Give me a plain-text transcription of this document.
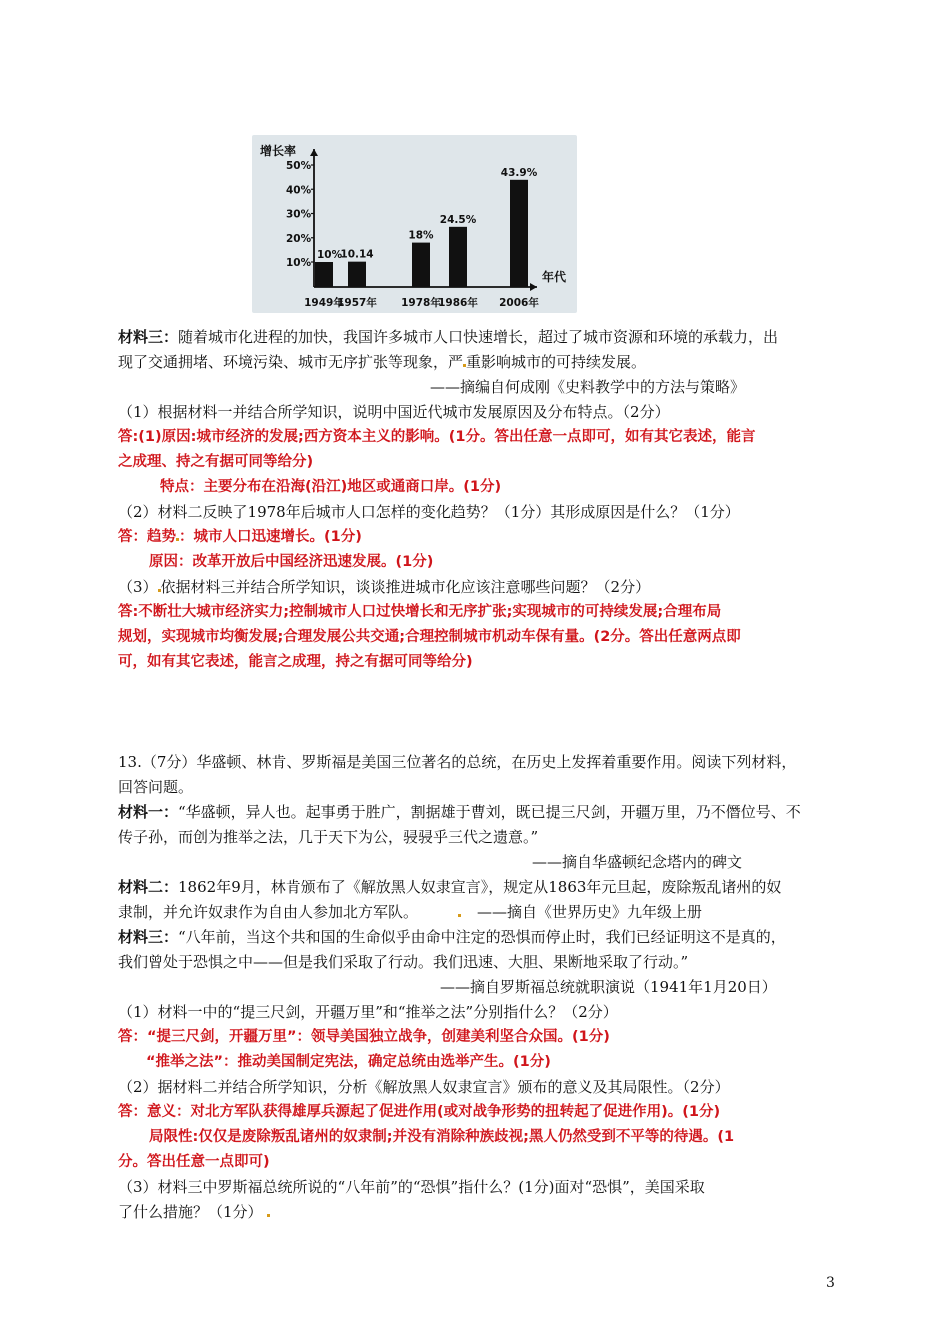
增长率
年代
10%
20%
30%
40%
50%
10%
1949年
10.14
1957年
18%
1978年
24.5%
1986年
43.9%
2006年
材料三：随着城市化进程的加快，我国许多城市人口快速增长，超过了城市资源和环境的承载力，出
现了交通拥堵、环境污染、城市无序扩张等现象，严 重影响城市的可持续发展。
——摘编自何成刚《史料教学中的方法与策略》
（1）根据材料一并结合所学知识，说明中国近代城市发展原因及分布特点。（2分）
答:(1)原因:城市经济的发展;西方资本主义的影响。(1分。答出任意一点即可，如有其它表述，能言
之成理、持之有据可同等给分)
特点：主要分布在沿海(沿江)地区或通商口岸。(1分)
（2）材料二反映了1978年后城市人口怎样的变化趋势？（1分）其形成原因是什么？（1分）
答：趋势 ：城市人口迅速增长。(1分)
原因：改革开放后中国经济迅速发展。(1分)
（3） 依据材料三并结合所学知识，谈谈推进城市化应该注意哪些问题？（2分）
答:不断壮大城市经济实力;控制城市人口过快增长和无序扩张;实现城市的可持续发展;合理布局
规划，实现城市均衡发展;合理发展公共交通;合理控制城市机动车保有量。(2分。答出任意两点即
可，如有其它表述，能言之成理，持之有据可同等给分)
13.（7分）华盛顿、林肯、罗斯福是美国三位著名的总统，在历史上发挥着重要作用。阅读下列材料，
回答问题。
材料一：“华盛顿，异人也。起事勇于胜广，割据雄于曹刘，既已提三尺剑，开疆万里，乃不僭位号、不
传子孙，而创为推举之法，几于天下为公，骎骎乎三代之遗意。”
——摘自华盛顿纪念塔内的碑文
材料二：1862年9月，林肯颁布了《解放黑人奴隶宣言》，规定从1863年元旦起，废除叛乱诸州的奴
隶制，并允许奴隶作为自由人参加北方军队。	——摘自《世界历史》九年级上册
材料三：“八年前，当这个共和国的生命似乎由命中注定的恐惧而停止时，我们已经证明这不是真的，
我们曾处于恐惧之中——但是我们采取了行动。我们迅速、大胆、果断地采取了行动。”
——摘自罗斯福总统就职演说（1941年1月20日）
（1）材料一中的“提三尺剑，开疆万里”和“推举之法”分别指什么？（2分）
答：“提三尺剑，开疆万里”：领导美国独立战争，创建美利坚合众国。(1分)
“推举之法”：推动美国制定宪法，确定总统由选举产生。(1分)
（2）据材料二并结合所学知识，分析《解放黑人奴隶宣言》颁布的意义及其局限性。（2分）
答：意义：对北方军队获得雄厚兵源起了促进作用(或对战争形势的扭转起了促进作用)。(1分)
局限性:仅仅是废除叛乱诸州的奴隶制;并没有消除种族歧视;黑人仍然受到不平等的待遇。(1
分。答出任意一点即可)
（3）材料三中罗斯福总统所说的“八年前”的“恐惧”指什么？(1分)面对“恐惧”，美国采取
了什么措施？（1分）
3
